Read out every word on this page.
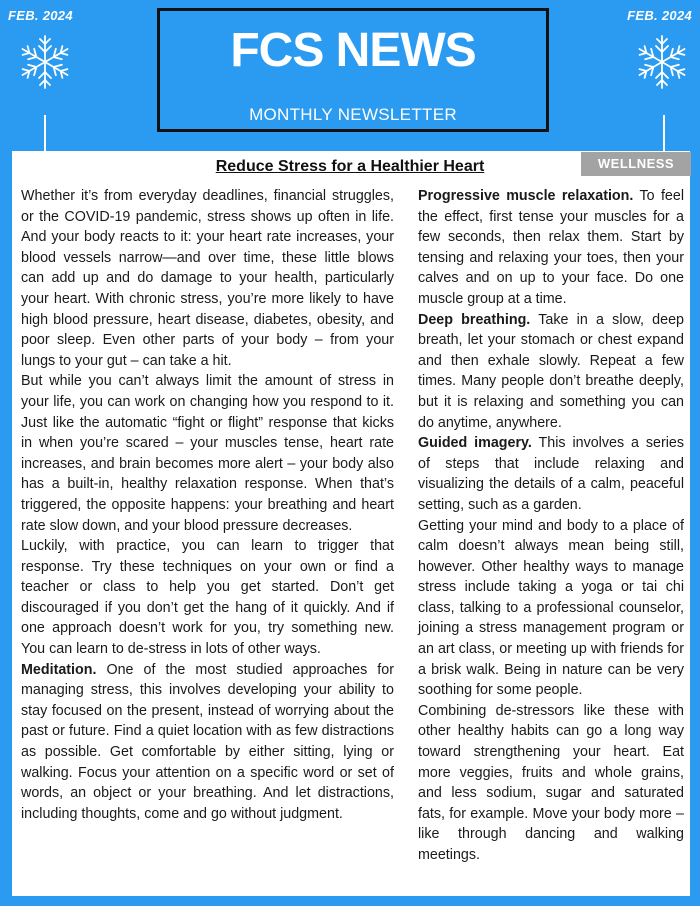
FEB. 2024	FEB. 2024
FCS NEWS
MONTHLY NEWSLETTER
WELLNESS
Reduce Stress for a Healthier Heart

Whether it’s from everyday deadlines, financial struggles, or the COVID-19 pandemic, stress shows up often in life. And your body reacts to it: your heart rate increases, your blood vessels narrow—and over time, these little blows can add up and do damage to your health, particularly your heart. With chronic stress, you’re more likely to have high blood pressure, heart disease, diabetes, obesity, and poor sleep. Even other parts of your body – from your lungs to your gut – can take a hit.

But while you can’t always limit the amount of stress in your life, you can work on changing how you respond to it. Just like the automatic “fight or flight” response that kicks in when you’re scared – your muscles tense, heart rate increases, and brain becomes more alert – your body also has a built-in, healthy relaxation response. When that’s triggered, the opposite happens: your breathing and heart rate slow down, and your blood pressure decreases.

Luckily, with practice, you can learn to trigger that response. Try these techniques on your own or find a teacher or class to help you get started. Don’t get discouraged if you don’t get the hang of it quickly. And if one approach doesn’t work for you, try something new. You can learn to de-stress in lots of other ways.

Meditation. One of the most studied approaches for managing stress, this involves developing your ability to stay focused on the present, instead of worrying about the past or future. Find a quiet location with as few distractions as possible. Get comfortable by either sitting, lying or walking. Focus your attention on a specific word or set of words, an object or your breathing. And let distractions, including thoughts, come and go without judgment.

Progressive muscle relaxation. To feel the effect, first tense your muscles for a few seconds, then relax them. Start by tensing and relaxing your toes, then your calves and on up to your face. Do one muscle group at a time.

Deep breathing. Take in a slow, deep breath, let your stomach or chest expand and then exhale slowly. Repeat a few times. Many people don’t breathe deeply, but it is relaxing and something you can do anytime, anywhere.

Guided imagery. This involves a series of steps that include relaxing and visualizing the details of a calm, peaceful setting, such as a garden.

Getting your mind and body to a place of calm doesn’t always mean being still, however. Other healthy ways to manage stress include taking a yoga or tai chi class, talking to a professional counselor, joining a stress management program or an art class, or meeting up with friends for a brisk walk. Being in nature can be very soothing for some people.

Combining de-stressors like these with other healthy habits can go a long way toward strengthening your heart. Eat more veggies, fruits and whole grains, and less sodium, sugar and saturated fats, for example. Move your body more – like through dancing and walking meetings.
